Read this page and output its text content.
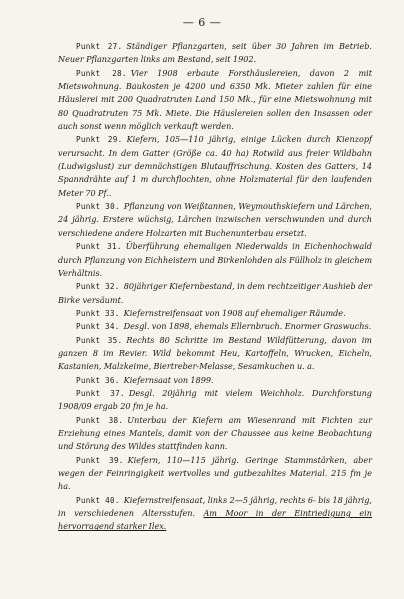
— 6 —

Punkt 27. Ständiger Pflanzgarten, seit über 30 Jahren im Betrieb. Neuer Pflanzgarten links am Bestand, seit 1902.

Punkt 28. Vier 1908 erbaute Forsthäuslereien, davon 2 mit Mietswohnung. Baukosten je 4200 und 6350 Mk. Mieter zahlen für eine Häuslerei mit 200 Quadratruten Land 150 Mk., für eine Mietswohnung mit 80 Quadratruten 75 Mk. Miete. Die Häuslereien sollen den Insassen oder auch sonst wenn möglich verkauft werden.

Punkt 29. Kiefern, 105—110 jährig, einige Lücken durch Kienzopf verursacht. In dem Gatter (Größe ca. 40 ha) Rotwild aus freier Wildbahn (Ludwigslust) zur demnächstigen Blutauffrischung. Kosten des Gatters, 14 Spanndrähte auf 1 m durchflochten, ohne Holzmaterial für den laufenden Meter 70 Pf..

Punkt 30. Pflanzung von Weißtannen, Weymouthskiefern und Lärchen, 24 jährig. Erstere wüchsig, Lärchen inzwischen verschwunden und durch verschiedene andere Holzarten mit Buchenunterbau ersetzt.

Punkt 31. Überführung ehemaligen Niederwalds in Eichenhochwald durch Pflanzung von Eichheistern und Birkenlohden als Füllholz in gleichem Verhältnis.

Punkt 32. 80jähriger Kiefernbestand, in dem rechtzeitiger Aushieb der Birke versäumt.

Punkt 33. Kiefernstreifensaat von 1908 auf ehemaliger Räumde.

Punkt 34. Desgl. von 1898, ehemals Ellernbruch. Enormer Graswuchs.

Punkt 35. Rechts 80 Schritte im Bestand Wildfütterung, davon im ganzen 8 im Revier. Wild bekommt Heu, Kartoffeln, Wrucken, Eicheln, Kastanien, Malzkeime, Biertreber-Melasse, Sesamkuchen u. a.

Punkt 36. Kiefernsaat von 1899.

Punkt 37. Desgl. 20jährig mit vielem Weichholz. Durchforstung 1908/09 ergab 20 fm je ha.

Punkt 38. Unterbau der Kiefern am Wiesenrand mit Fichten zur Erziehung eines Mantels, damit von der Chaussee aus keine Beobachtung und Störung des Wildes stattfinden kann.

Punkt 39. Kiefern, 110—115 jährig. Geringe Stammstärken, aber wegen der Feinringigkeit wertvolles und gutbezahltes Material. 215 fm je ha.

Punkt 40. Kiefernstreifensaat, links 2—5 jährig, rechts 6- bis 18 jährig, in verschiedenen Altersstufen. Am Moor in der Eintriedigung ein hervorragend starker Ilex.
